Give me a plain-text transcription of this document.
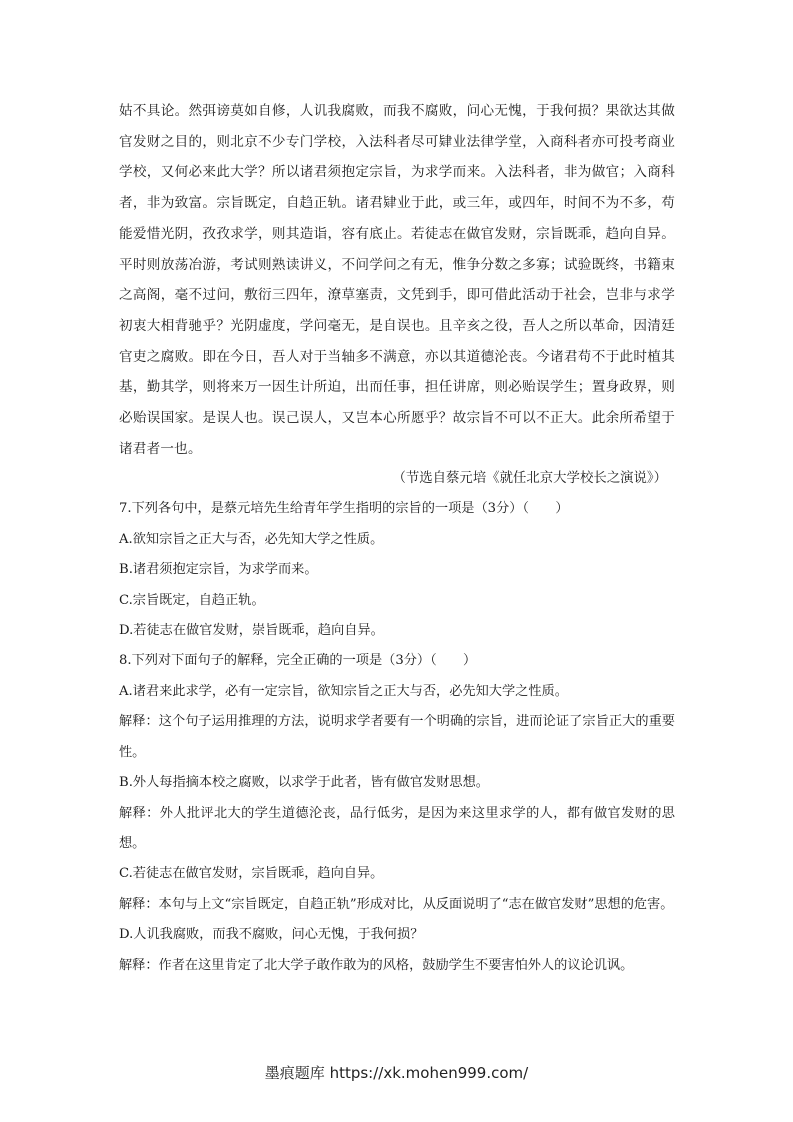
姑不具论。然弭谤莫如自修，人讥我腐败，而我不腐败，问心无愧，于我何损？果欲达其做官发财之目的，则北京不少专门学校，入法科者尽可肄业法律学堂，入商科者亦可投考商业学校，又何必来此大学？所以诸君须抱定宗旨，为求学而来。入法科者，非为做官；入商科者，非为致富。宗旨既定，自趋正轨。诸君肄业于此，或三年，或四年，时间不为不多，苟能爱惜光阴，孜孜求学，则其造诣，容有底止。若徒志在做官发财，宗旨既乖，趋向自异。平时则放荡冶游，考试则熟读讲义，不问学问之有无，惟争分数之多寡；试验既终，书籍束之高阁，毫不过问，敷衍三四年，潦草塞责，文凭到手，即可借此活动于社会，岂非与求学初衷大相背驰乎？光阴虚度，学问毫无，是自误也。且辛亥之役，吾人之所以革命，因清廷官吏之腐败。即在今日，吾人对于当轴多不满意，亦以其道德沦丧。今诸君苟不于此时植其基，勤其学，则将来万一因生计所迫，出而任事，担任讲席，则必贻误学生；置身政界，则必贻误国家。是误人也。误己误人，又岂本心所愿乎？故宗旨不可以不正大。此余所希望于诸君者一也。

（节选自蔡元培《就任北京大学校长之演说》）

7.下列各句中，是蔡元培先生给青年学生指明的宗旨的一项是（3分）（　　）

A.欲知宗旨之正大与否，必先知大学之性质。

B.诸君须抱定宗旨，为求学而来。

C.宗旨既定，自趋正轨。

D.若徒志在做官发财，崇旨既乖，趋向自异。

8.下列对下面句子的解释，完全正确的一项是（3分）（　　）

A.诸君来此求学，必有一定宗旨，欲知宗旨之正大与否，必先知大学之性质。

解释：这个句子运用推理的方法，说明求学者要有一个明确的宗旨，进而论证了宗旨正大的重要性。

B.外人每指摘本校之腐败，以求学于此者，皆有做官发财思想。

解释：外人批评北大的学生道德沦丧，品行低劣，是因为来这里求学的人，都有做官发财的思想。

C.若徒志在做官发财，宗旨既乖，趋向自异。

解释：本句与上文“宗旨既定，自趋正轨”形成对比，从反面说明了“志在做官发财”思想的危害。

D.人讥我腐败，而我不腐败，问心无愧，于我何损？

解释：作者在这里肯定了北大学子敢作敢为的风格，鼓励学生不要害怕外人的议论讥讽。

墨痕题库 https://xk.mohen999.com/
